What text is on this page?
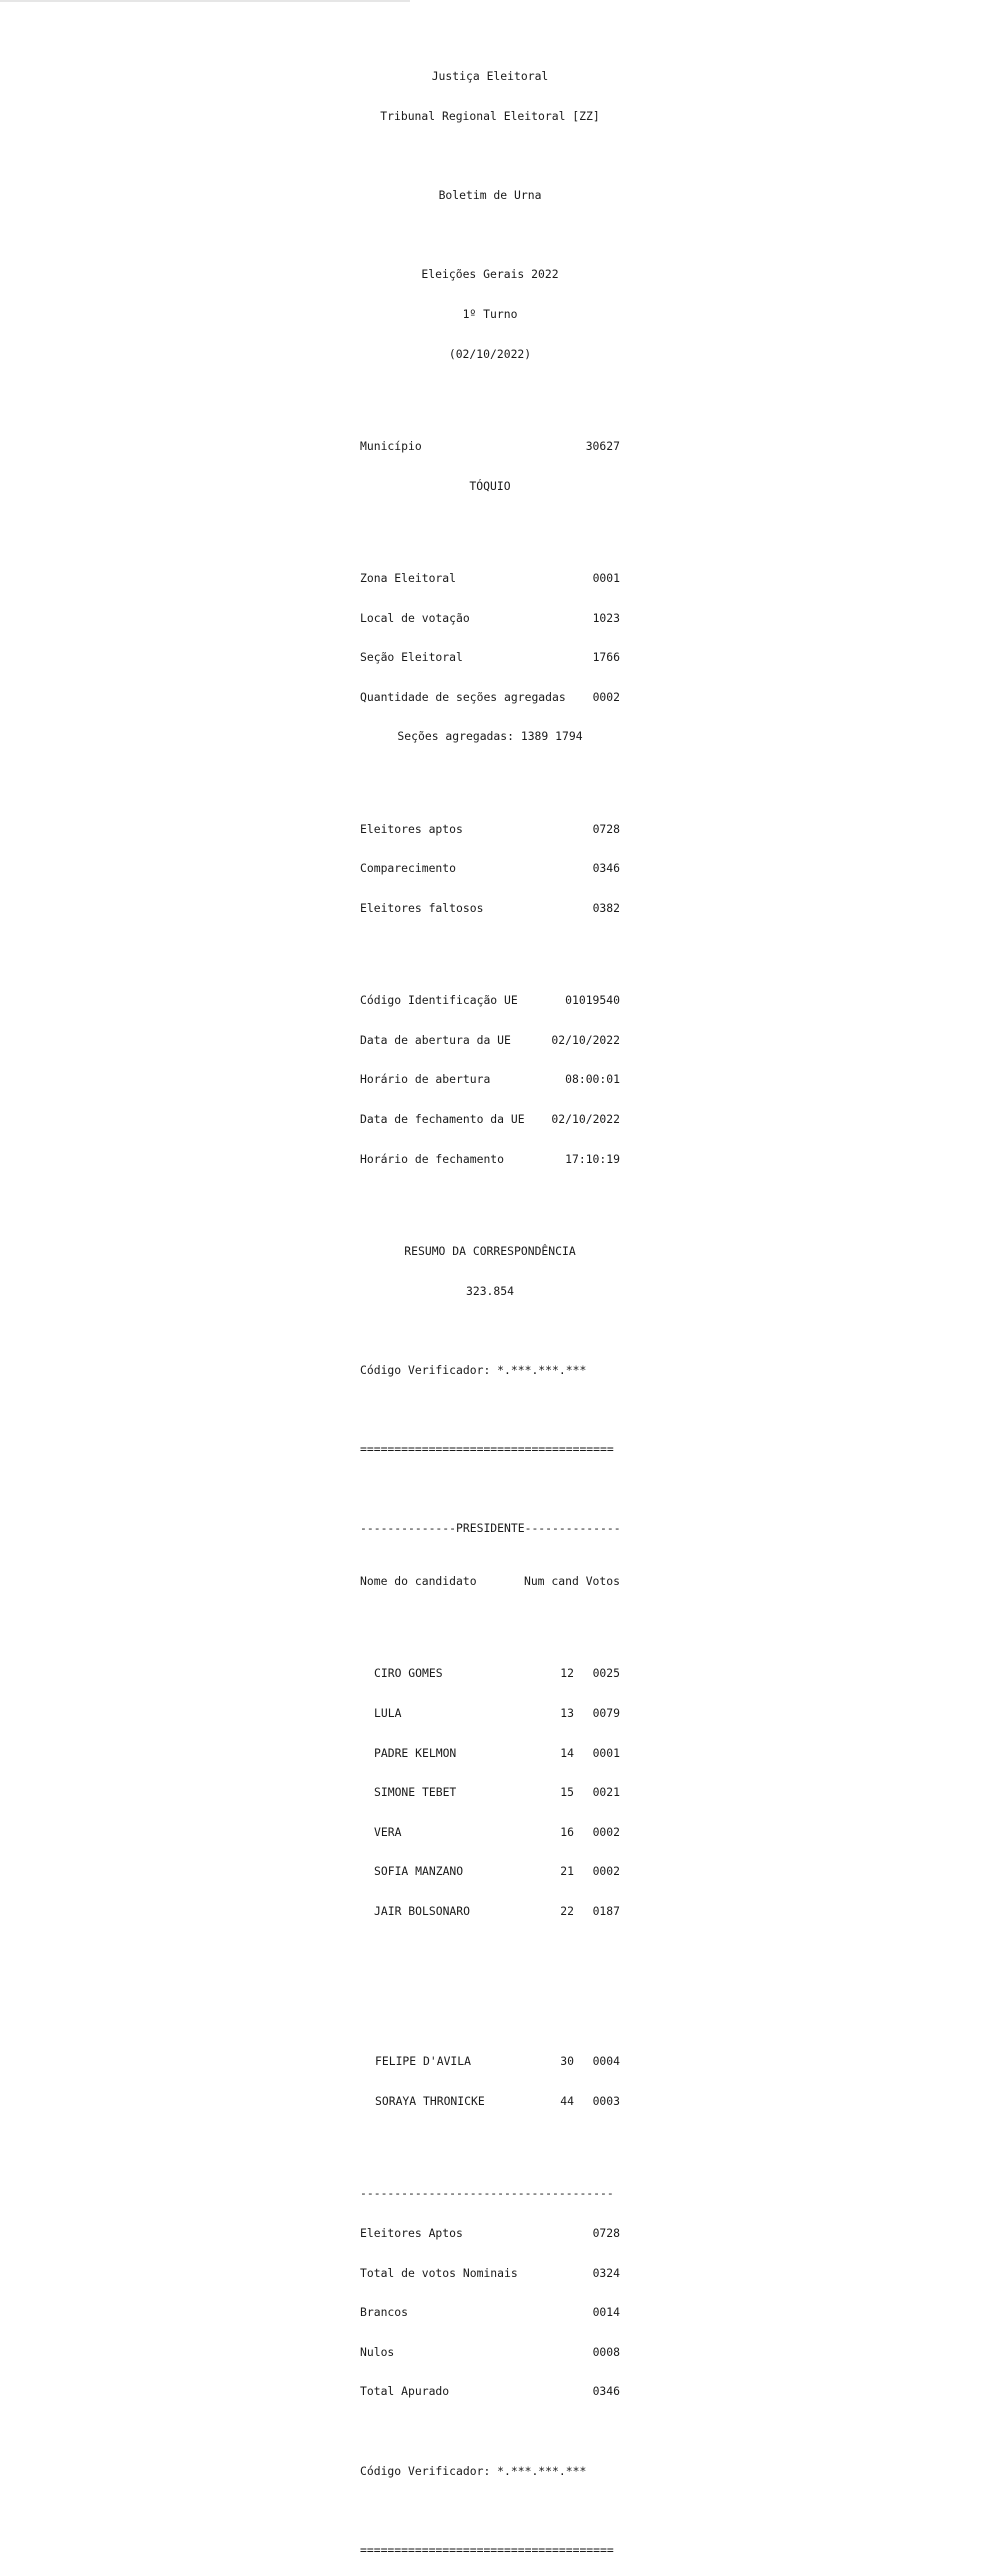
Justiça Eleitoral

Tribunal Regional Eleitoral [ZZ]

Boletim de Urna

Eleições Gerais 2022

1º Turno

(02/10/2022)

Município	30627

TÓQUIO

Zona Eleitoral	0001

Local de votação	1023

Seção Eleitoral	1766

Quantidade de seções agregadas 0002

Seções agregadas: 1389 1794

Eleitores aptos	0728

Comparecimento	0346

Eleitores faltosos	0382

Código Identificação UE	01019540

Data de abertura da UE	02/10/2022

Horário de abertura	08:00:01

Data de fechamento da UE 02/10/2022

Horário de fechamento	17:10:19

RESUMO DA CORRESPONDÊNCIA

323.854

Código Verificador: *.***.***.***

=====================================

--------------PRESIDENTE--------------

Nome do candidato	Num cand Votos

CIRO GOMES	12	0025

LULA	13	0079

PADRE KELMON	14	0001

SIMONE TEBET	15	0021

VERA	16	0002

SOFIA MANZANO	21	0002

JAIR BOLSONARO	22	0187

FELIPE D'AVILA	30	0004

SORAYA THRONICKE	44	0003

-------------------------------------

Eleitores Aptos	0728

Total de votos Nominais	0324

Brancos	0014

Nulos	0008

Total Apurado	0346

Código Verificador: *.***.***.***

=====================================
